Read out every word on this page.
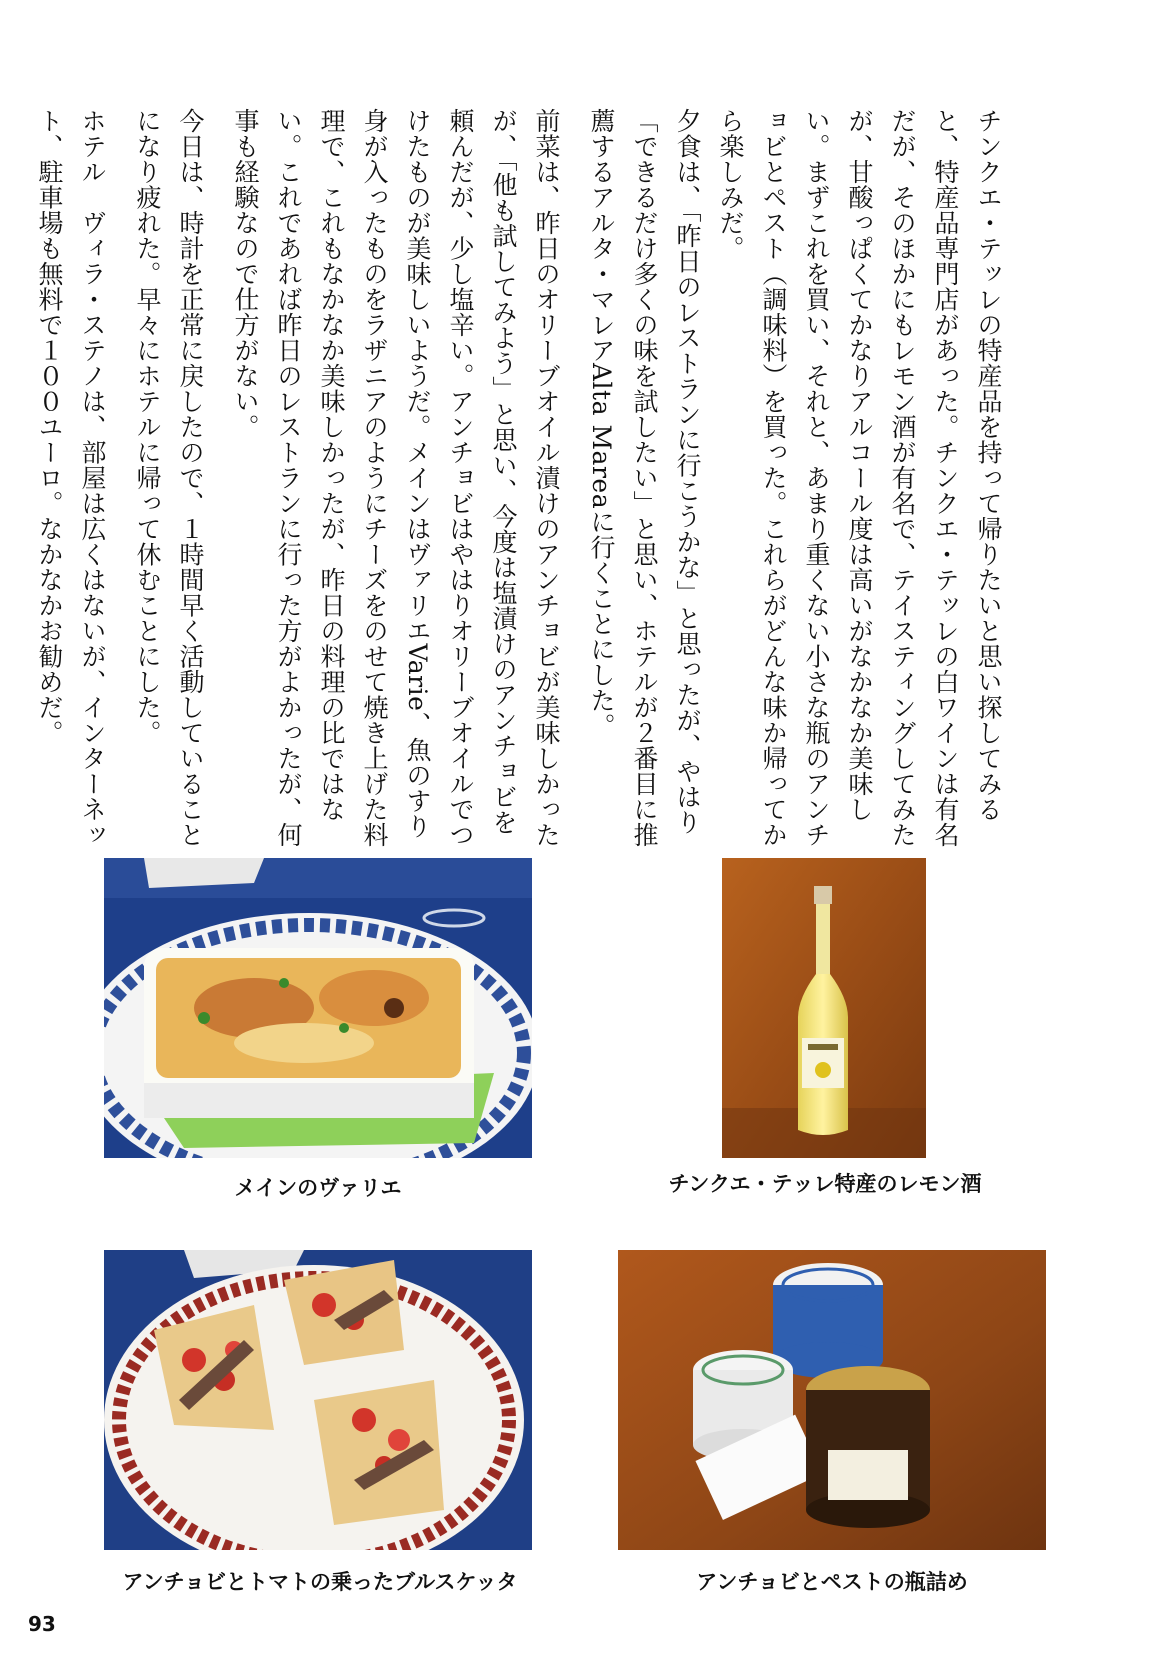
チンクエ・テッレの特産品を持って帰りたいと思い探してみると、特産品専門店があった。チンクエ・テッレの白ワインは有名だが、そのほかにもレモン酒が有名で、テイスティングしてみたが、甘酸っぱくてかなりアルコール度は高いがなかなか美味しい。まずこれを買い、それと、あまり重くない小さな瓶のアンチョビとペスト（調味料）を買った。これらがどんな味か帰ってから楽しみだ。

夕食は、「昨日のレストランに行こうかな」と思ったが、やはり「できるだけ多くの味を試したい」と思い、ホテルが２番目に推薦するアルタ・マレアAlta Mareaに行くことにした。

前菜は、昨日のオリーブオイル漬けのアンチョビが美味しかったが、「他も試してみよう」と思い、今度は塩漬けのアンチョビを頼んだが、少し塩辛い。アンチョビはやはりオリーブオイルでつけたものが美味しいようだ。メインはヴァリエVarie、魚のすり身が入ったものをラザニアのようにチーズをのせて焼き上げた料理で、これもなかなか美味しかったが、昨日の料理の比ではない。これであれば昨日のレストランに行った方がよかったが、何事も経験なので仕方がない。

今日は、時計を正常に戻したので、１時間早く活動していることになり疲れた。早々にホテルに帰って休むことにした。

ホテル　ヴィラ・ステノは、部屋は広くはないが、インターネット、駐車場も無料で１００ユーロ。なかなかお勧めだ。

メインのヴァリエ	チンクエ・テッレ特産のレモン酒
アンチョビとトマトの乗ったブルスケッタ	アンチョビとペストの瓶詰め
93
